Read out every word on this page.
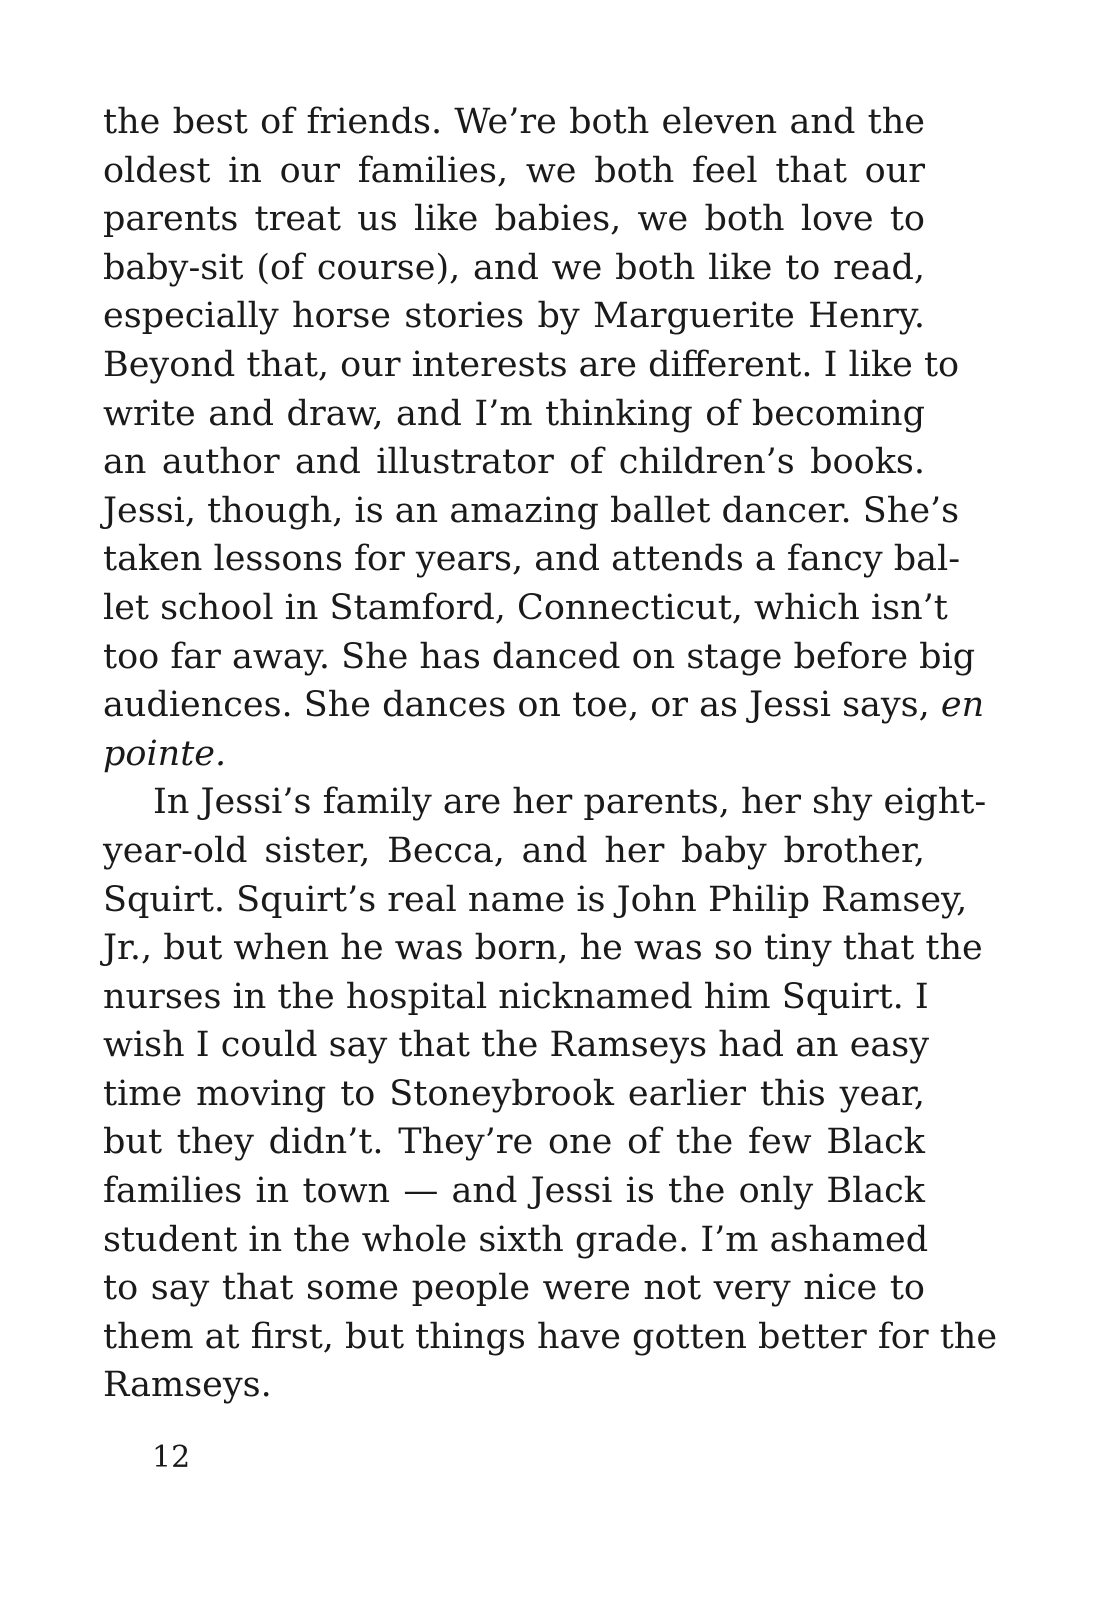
the best of friends. We’re both eleven and the
oldest in our families, we both feel that our
parents treat us like babies, we both love to
baby-sit (of course), and we both like to read,
especially horse stories by Marguerite Henry.
Beyond that, our interests are different. I like to
write and draw, and I’m thinking of becoming
an author and illustrator of children’s books.
Jessi, though, is an amazing ballet dancer. She’s
taken lessons for years, and attends a fancy bal-
let school in Stamford, Connecticut, which isn’t
too far away. She has danced on stage before big
audiences. She dances on toe, or as Jessi says, en
pointe.
In Jessi’s family are her parents, her shy eight-
year-old sister, Becca, and her baby brother,
Squirt. Squirt’s real name is John Philip Ramsey,
Jr., but when he was born, he was so tiny that the
nurses in the hospital nicknamed him Squirt. I
wish I could say that the Ramseys had an easy
time moving to Stoneybrook earlier this year,
but they didn’t. They’re one of the few Black
families in town — and Jessi is the only Black
student in the whole sixth grade. I’m ashamed
to say that some people were not very nice to
them at first, but things have gotten better for the
Ramseys.
12
